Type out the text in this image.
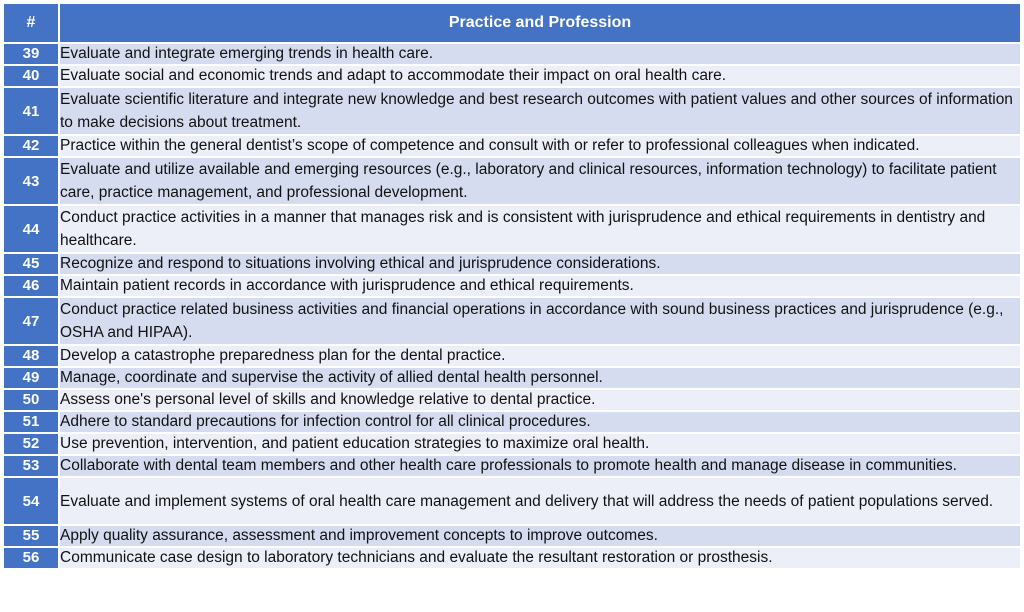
#	Practice and Profession
39	Evaluate and integrate emerging trends in health care.
40	Evaluate social and economic trends and adapt to accommodate their impact on oral health care.
41	Evaluate scientific literature and integrate new knowledge and best research outcomes with patient values and other sources of information to make decisions about treatment.
42	Practice within the general dentist’s scope of competence and consult with or refer to professional colleagues when indicated.
43	Evaluate and utilize available and emerging resources (e.g., laboratory and clinical resources, information technology) to facilitate patient care, practice management, and professional development.
44	Conduct practice activities in a manner that manages risk and is consistent with jurisprudence and ethical requirements in dentistry and healthcare.
45	Recognize and respond to situations involving ethical and jurisprudence considerations.
46	Maintain patient records in accordance with jurisprudence and ethical requirements.
47	Conduct practice related business activities and financial operations in accordance with sound business practices and jurisprudence (e.g., OSHA and HIPAA).
48	Develop a catastrophe preparedness plan for the dental practice.
49	Manage, coordinate and supervise the activity of allied dental health personnel.
50	Assess one's personal level of skills and knowledge relative to dental practice.
51	Adhere to standard precautions for infection control for all clinical procedures.
52	Use prevention, intervention, and patient education strategies to maximize oral health.
53	Collaborate with dental team members and other health care professionals to promote health and manage disease in communities.
54	Evaluate and implement systems of oral health care management and delivery that will address the needs of patient populations served.
55	Apply quality assurance, assessment and improvement concepts to improve outcomes.
56	Communicate case design to laboratory technicians and evaluate the resultant restoration or prosthesis.
